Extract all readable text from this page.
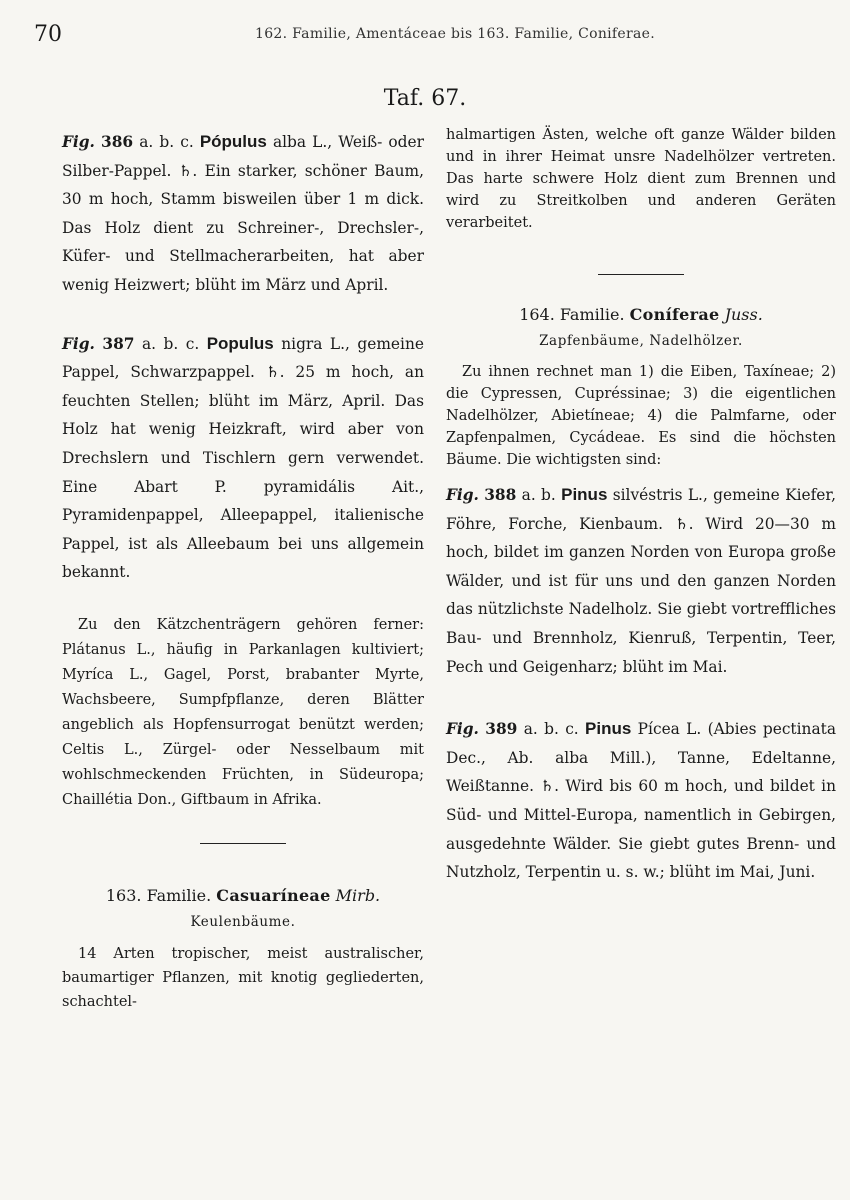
70	162. Familie, Amentáceae bis 163. Familie, Coniferae.
Taf. 67.

Fig. 386 a. b. c. Pópulus alba L., Weiß- oder Silber-Pappel. ♄. Ein starker, schöner Baum, 30 m hoch, Stamm bisweilen über 1 m dick. Das Holz dient zu Schreiner-, Drechsler-, Küfer- und Stellmacherarbeiten, hat aber wenig Heizwert; blüht im März und April.

Fig. 387 a. b. c. Populus nigra L., gemeine Pappel, Schwarzpappel. ♄. 25 m hoch, an feuchten Stellen; blüht im März, April. Das Holz hat wenig Heizkraft, wird aber von Drechslern und Tischlern gern verwendet. Eine Abart P. pyramidális Ait., Pyramidenpappel, Alleepappel, italienische Pappel, ist als Alleebaum bei uns allgemein bekannt.

Zu den Kätzchenträgern gehören ferner: Plátanus L., häufig in Parkanlagen kultiviert; Myríca L., Gagel, Porst, brabanter Myrte, Wachsbeere, Sumpfpflanze, deren Blätter angeblich als Hopfensurrogat benützt werden; Celtis L., Zürgel- oder Nesselbaum mit wohlschmeckenden Früchten, in Südeuropa; Chaillétia Don., Giftbaum in Afrika.

163. Familie. Casuaríneae Mirb.
Keulenbäume.

14 Arten tropischer, meist australischer, baumartiger Pflanzen, mit knotig gegliederten, schachtel-

halmartigen Ästen, welche oft ganze Wälder bilden und in ihrer Heimat unsre Nadelhölzer vertreten. Das harte schwere Holz dient zum Brennen und wird zu Streitkolben und anderen Geräten verarbeitet.

164. Familie. Coníferae Juss.
Zapfenbäume, Nadelhölzer.

Zu ihnen rechnet man 1) die Eiben, Taxíneae; 2) die Cypressen, Cupréssinae; 3) die eigentlichen Nadelhölzer, Abietíneae; 4) die Palmfarne, oder Zapfenpalmen, Cycádeae. Es sind die höchsten Bäume. Die wichtigsten sind:

Fig. 388 a. b. Pinus silvéstris L., gemeine Kiefer, Föhre, Forche, Kienbaum. ♄. Wird 20—30 m hoch, bildet im ganzen Norden von Europa große Wälder, und ist für uns und den ganzen Norden das nützlichste Nadelholz. Sie giebt vortreffliches Bau- und Brennholz, Kienruß, Terpentin, Teer, Pech und Geigenharz; blüht im Mai.

Fig. 389 a. b. c. Pinus Pícea L. (Abies pectinata Dec., Ab. alba Mill.), Tanne, Edeltanne, Weißtanne. ♄. Wird bis 60 m hoch, und bildet in Süd- und Mittel-Europa, namentlich in Gebirgen, ausgedehnte Wälder. Sie giebt gutes Brenn- und Nutzholz, Terpentin u. s. w.; blüht im Mai, Juni.
